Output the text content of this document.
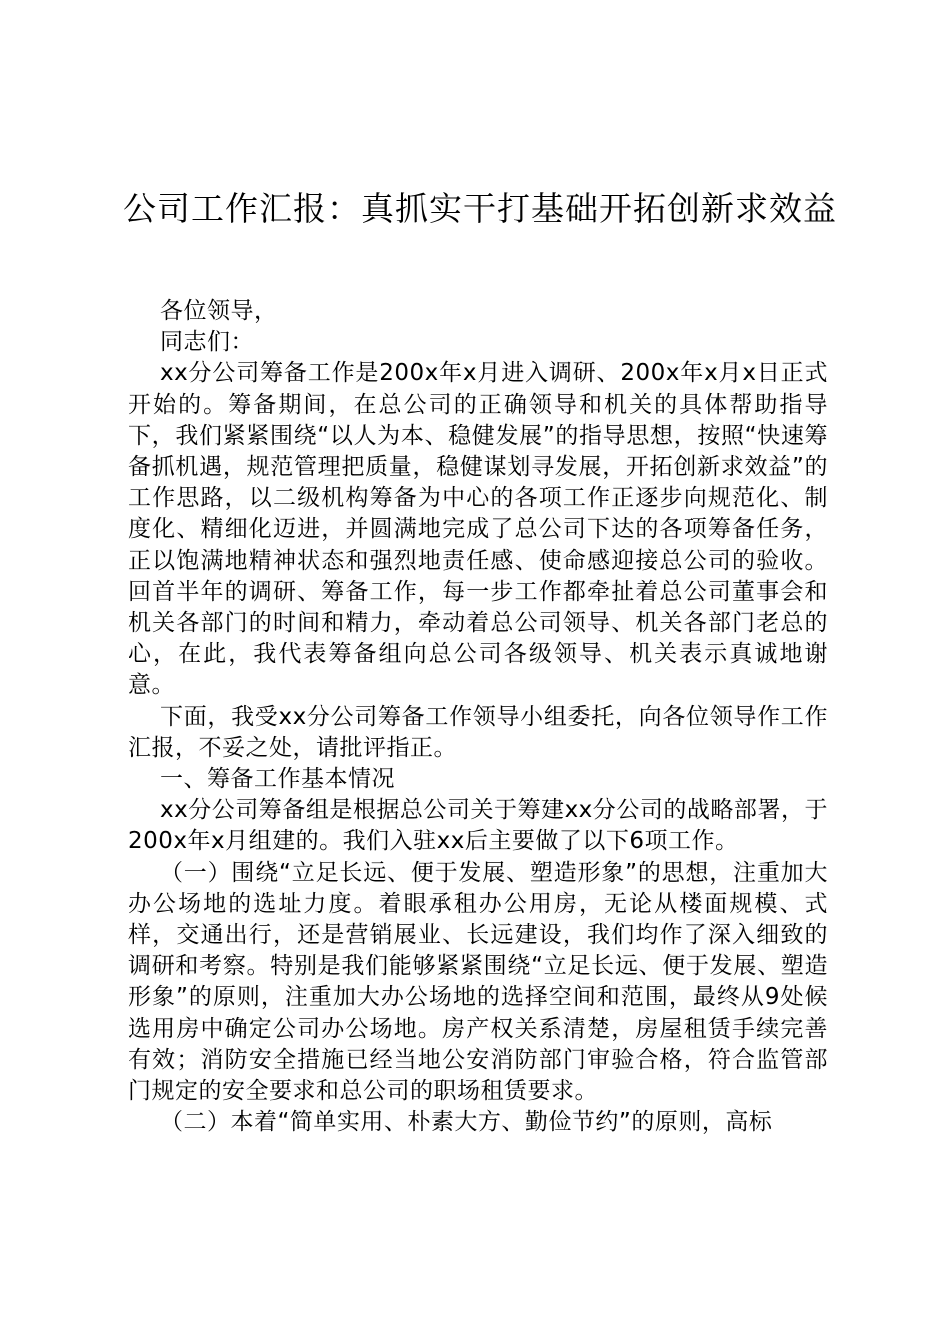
公司工作汇报：真抓实干打基础开拓创新求效益

各位领导，

同志们：

xx分公司筹备工作是200x年x月进入调研、200x年x月x日正式开始的。筹备期间，在总公司的正确领导和机关的具体帮助指导下，我们紧紧围绕“以人为本、稳健发展”的指导思想，按照“快速筹备抓机遇，规范管理把质量，稳健谋划寻发展，开拓创新求效益”的工作思路，以二级机构筹备为中心的各项工作正逐步向规范化、制度化、精细化迈进，并圆满地完成了总公司下达的各项筹备任务，正以饱满地精神状态和强烈地责任感、使命感迎接总公司的验收。回首半年的调研、筹备工作，每一步工作都牵扯着总公司董事会和机关各部门的时间和精力，牵动着总公司领导、机关各部门老总的心，在此，我代表筹备组向总公司各级领导、机关表示真诚地谢意。

下面，我受xx分公司筹备工作领导小组委托，向各位领导作工作汇报，不妥之处，请批评指正。

一、筹备工作基本情况

xx分公司筹备组是根据总公司关于筹建xx分公司的战略部署，于200x年x月组建的。我们入驻xx后主要做了以下6项工作。

（一）围绕“立足长远、便于发展、塑造形象”的思想，注重加大办公场地的选址力度。着眼承租办公用房，无论从楼面规模、式样，交通出行，还是营销展业、长远建设，我们均作了深入细致的调研和考察。特别是我们能够紧紧围绕“立足长远、便于发展、塑造形象”的原则，注重加大办公场地的选择空间和范围，最终从9处候选用房中确定公司办公场地。房产权关系清楚，房屋租赁手续完善有效；消防安全措施已经当地公安消防部门审验合格，符合监管部门规定的安全要求和总公司的职场租赁要求。

（二）本着“简单实用、朴素大方、勤俭节约”的原则，高标
